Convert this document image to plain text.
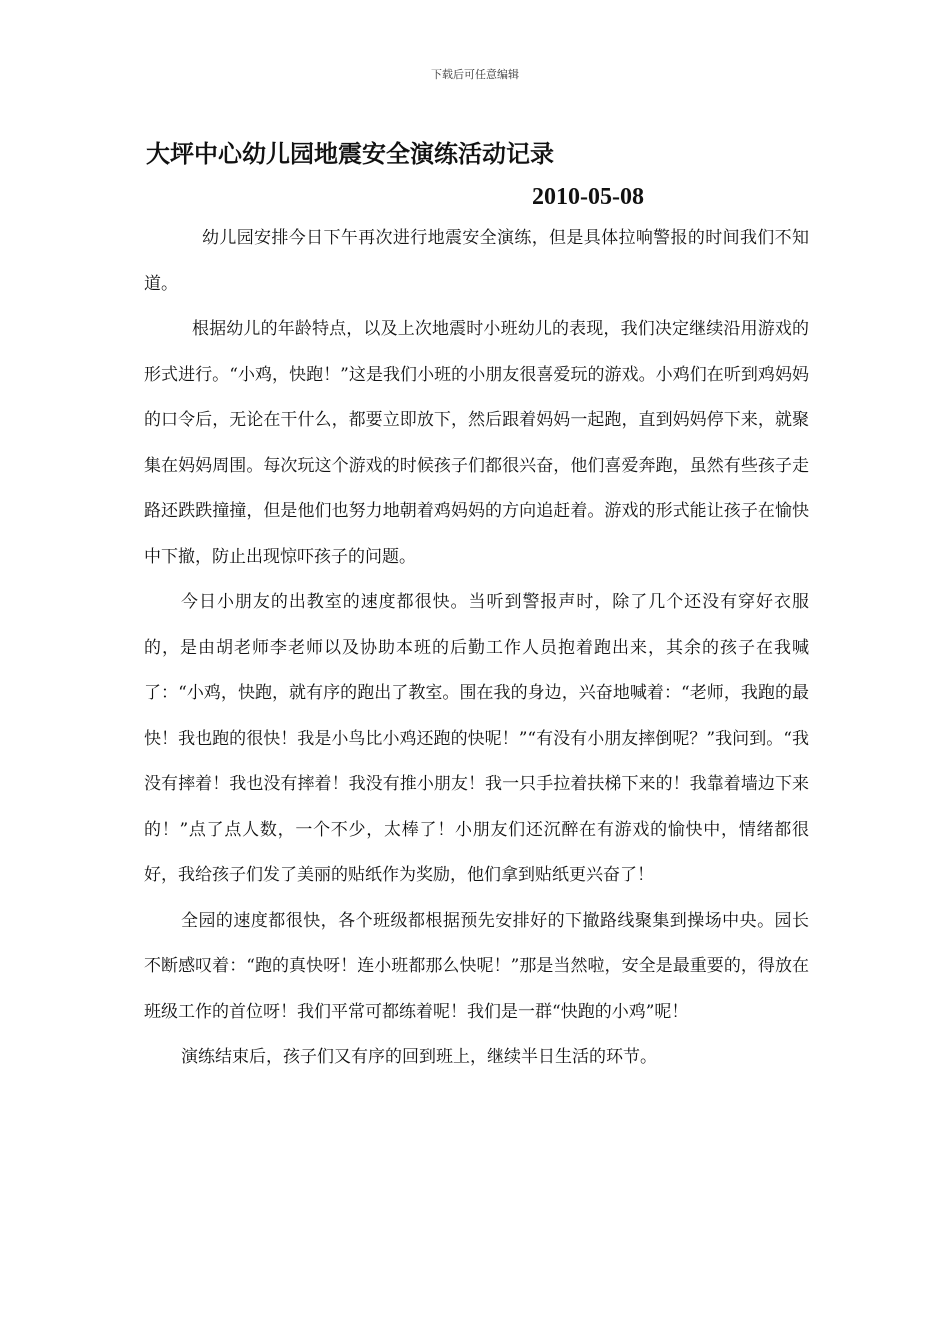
下载后可任意编辑
大坪中心幼儿园地震安全演练活动记录
2010-05-08

幼儿园安排今日下午再次进行地震安全演练，但是具体拉响警报的时间我们不知道。

根据幼儿的年龄特点，以及上次地震时小班幼儿的表现，我们决定继续沿用游戏的形式进行。“小鸡，快跑！”这是我们小班的小朋友很喜爱玩的游戏。小鸡们在听到鸡妈妈的口令后，无论在干什么，都要立即放下，然后跟着妈妈一起跑，直到妈妈停下来，就聚集在妈妈周围。每次玩这个游戏的时候孩子们都很兴奋，他们喜爱奔跑，虽然有些孩子走路还跌跌撞撞，但是他们也努力地朝着鸡妈妈的方向追赶着。游戏的形式能让孩子在愉快中下撤，防止出现惊吓孩子的问题。

今日小朋友的出教室的速度都很快。当听到警报声时，除了几个还没有穿好衣服的，是由胡老师李老师以及协助本班的后勤工作人员抱着跑出来，其余的孩子在我喊了：“小鸡，快跑，就有序的跑出了教室。围在我的身边，兴奋地喊着：“老师，我跑的最快！我也跑的很快！我是小鸟比小鸡还跑的快呢！”“有没有小朋友摔倒呢？”我问到。“我没有摔着！我也没有摔着！我没有推小朋友！我一只手拉着扶梯下来的！我靠着墙边下来的！”点了点人数，一个不少，太棒了！小朋友们还沉醉在有游戏的愉快中，情绪都很好，我给孩子们发了美丽的贴纸作为奖励，他们拿到贴纸更兴奋了！

全园的速度都很快，各个班级都根据预先安排好的下撤路线聚集到操场中央。园长不断感叹着：“跑的真快呀！连小班都那么快呢！”那是当然啦，安全是最重要的，得放在班级工作的首位呀！我们平常可都练着呢！我们是一群“快跑的小鸡”呢！

演练结束后，孩子们又有序的回到班上，继续半日生活的环节。
